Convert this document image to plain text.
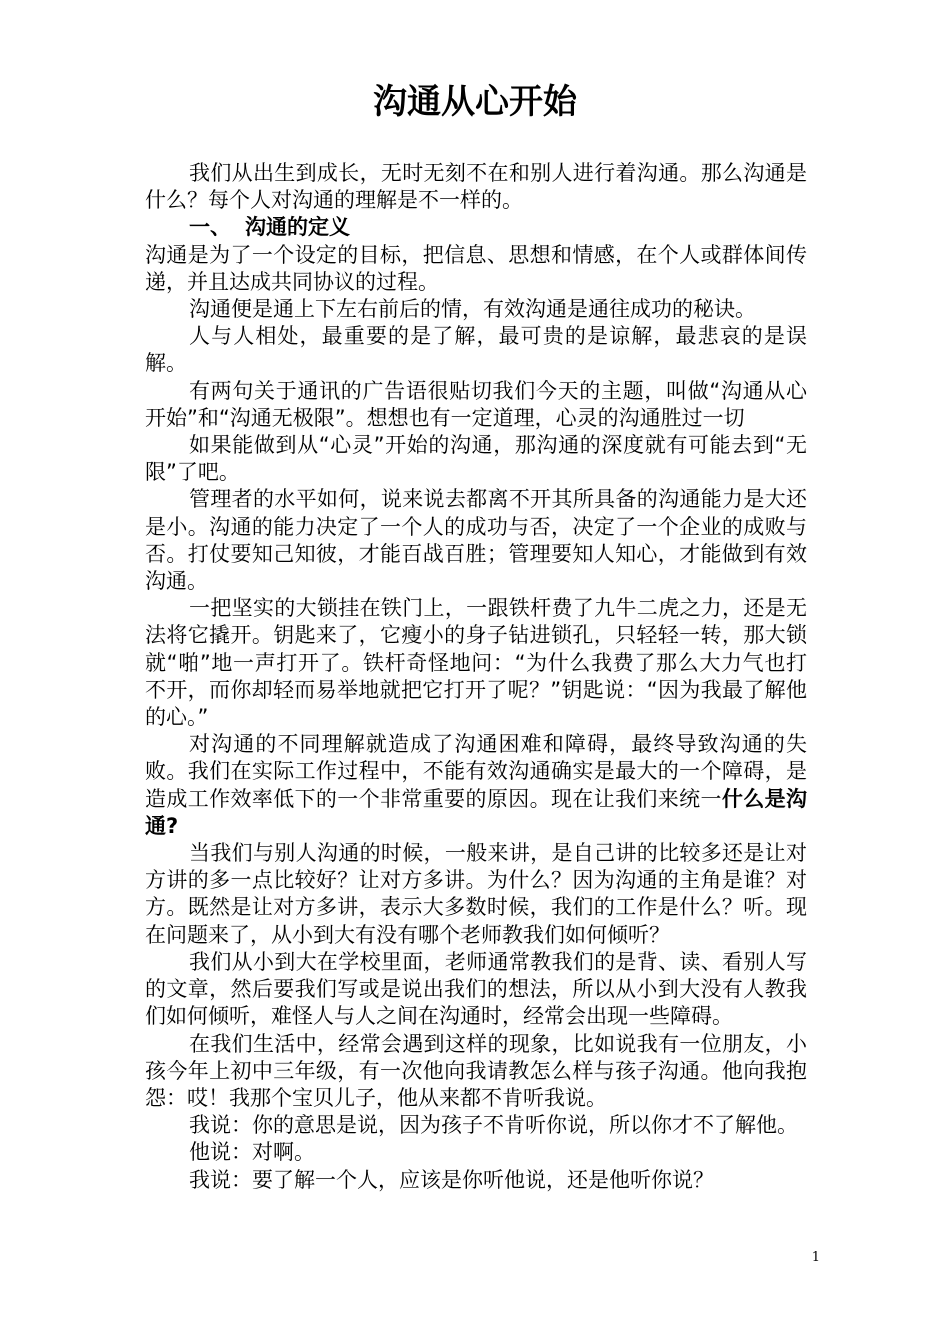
沟通从心开始

我们从出生到成长，无时无刻不在和别人进行着沟通。那么沟通是什么？每个人对沟通的理解是不一样的。

一、 沟通的定义

沟通是为了一个设定的目标，把信息、思想和情感，在个人或群体间传递，并且达成共同协议的过程。

沟通便是通上下左右前后的情，有效沟通是通往成功的秘诀。

人与人相处，最重要的是了解，最可贵的是谅解，最悲哀的是误解。

有两句关于通讯的广告语很贴切我们今天的主题，叫做“沟通从心开始”和“沟通无极限”。想想也有一定道理，心灵的沟通胜过一切

如果能做到从“心灵”开始的沟通，那沟通的深度就有可能去到“无限”了吧。

管理者的水平如何，说来说去都离不开其所具备的沟通能力是大还是小。沟通的能力决定了一个人的成功与否，决定了一个企业的成败与否。打仗要知己知彼，才能百战百胜；管理要知人知心，才能做到有效沟通。

一把坚实的大锁挂在铁门上，一跟铁杆费了九牛二虎之力，还是无法将它撬开。钥匙来了，它瘦小的身子钻进锁孔，只轻轻一转，那大锁就“啪”地一声打开了。铁杆奇怪地问：“为什么我费了那么大力气也打不开，而你却轻而易举地就把它打开了呢？”钥匙说：“因为我最了解他的心。”

对沟通的不同理解就造成了沟通困难和障碍，最终导致沟通的失败。我们在实际工作过程中，不能有效沟通确实是最大的一个障碍，是造成工作效率低下的一个非常重要的原因。现在让我们来统一什么是沟通?

当我们与别人沟通的时候，一般来讲，是自己讲的比较多还是让对方讲的多一点比较好？让对方多讲。为什么？因为沟通的主角是谁？对方。既然是让对方多讲，表示大多数时候，我们的工作是什么？听。现在问题来了，从小到大有没有哪个老师教我们如何倾听？

我们从小到大在学校里面，老师通常教我们的是背、读、看别人写的文章，然后要我们写或是说出我们的想法，所以从小到大没有人教我们如何倾听，难怪人与人之间在沟通时，经常会出现一些障碍。

在我们生活中，经常会遇到这样的现象，比如说我有一位朋友，小孩今年上初中三年级，有一次他向我请教怎么样与孩子沟通。他向我抱怨：哎！我那个宝贝儿子，他从来都不肯听我说。

我说：你的意思是说，因为孩子不肯听你说，所以你才不了解他。

他说：对啊。

我说：要了解一个人，应该是你听他说，还是他听你说？

1
